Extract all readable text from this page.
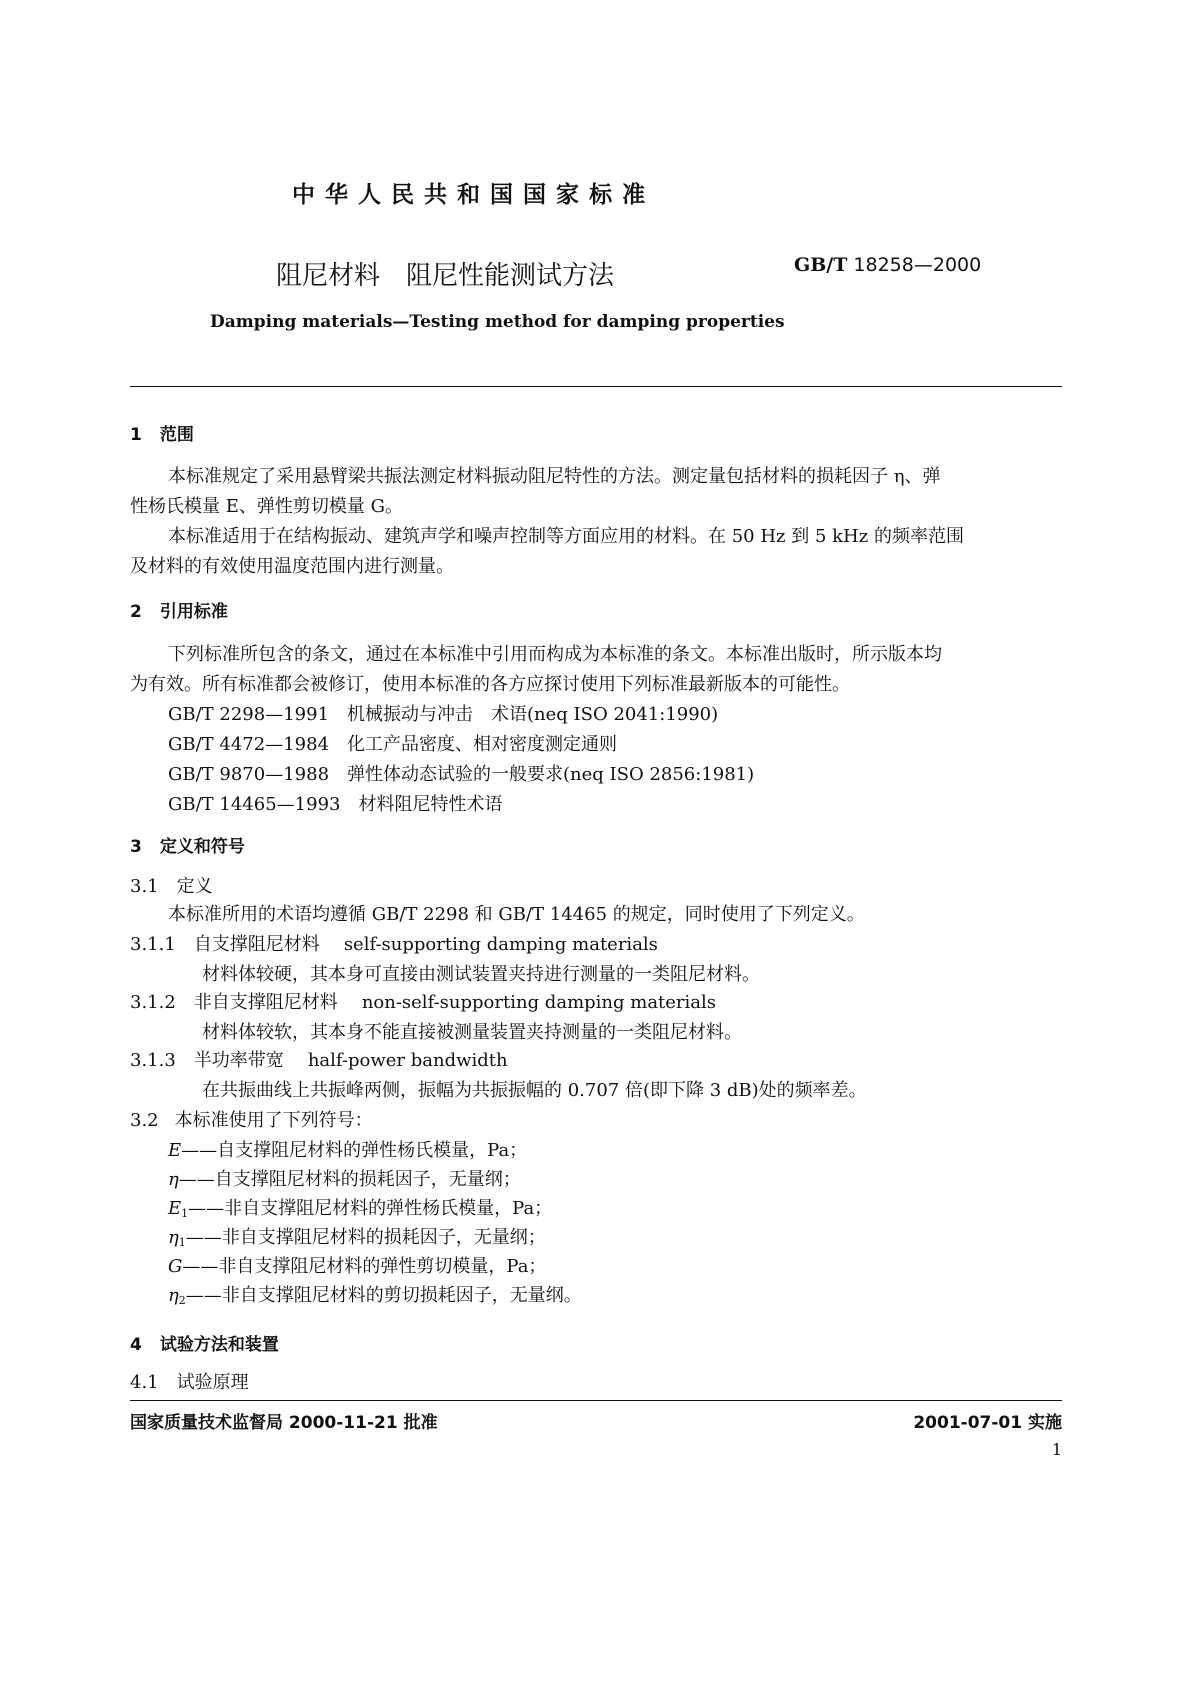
中 华 人 民 共 和 国 国 家 标 准
阻尼材料　阻尼性能测试方法	GB/T 18258—2000
Damping materials—Testing method for damping properties
1 范围
本标准规定了采用悬臂梁共振法测定材料振动阻尼特性的方法。测定量包括材料的损耗因子 η、弹
性杨氏模量 E、弹性剪切模量 G。
本标准适用于在结构振动、建筑声学和噪声控制等方面应用的材料。在 50 Hz 到 5 kHz 的频率范围
及材料的有效使用温度范围内进行测量。
2 引用标准
下列标准所包含的条文，通过在本标准中引用而构成为本标准的条文。本标准出版时，所示版本均
为有效。所有标准都会被修订，使用本标准的各方应探讨使用下列标准最新版本的可能性。
GB/T 2298—1991 机械振动与冲击　术语(neq ISO 2041:1990)
GB/T 4472—1984 化工产品密度、相对密度测定通则
GB/T 9870—1988 弹性体动态试验的一般要求(neq ISO 2856:1981)
GB/T 14465—1993 材料阻尼特性术语
3 定义和符号
3.1 定义
本标准所用的术语均遵循 GB/T 2298 和 GB/T 14465 的规定，同时使用了下列定义。
3.1.1 自支撑阻尼材料 self-supporting damping materials
材料体较硬，其本身可直接由测试装置夹持进行测量的一类阻尼材料。
3.1.2 非自支撑阻尼材料 non-self-supporting damping materials
材料体较软，其本身不能直接被测量装置夹持测量的一类阻尼材料。
3.1.3 半功率带宽 half-power bandwidth
在共振曲线上共振峰两侧，振幅为共振振幅的 0.707 倍(即下降 3 dB)处的频率差。
3.2 本标准使用了下列符号：
E——自支撑阻尼材料的弹性杨氏模量，Pa；
η——自支撑阻尼材料的损耗因子，无量纲；
$E_1——$非自支撑阻尼材料的弹性杨氏模量，Pa；
$\eta_1——$非自支撑阻尼材料的损耗因子，无量纲；
G——非自支撑阻尼材料的弹性剪切模量，Pa；
$\eta_2——$非自支撑阻尼材料的剪切损耗因子，无量纲。
4 试验方法和装置
4.1 试验原理
国家质量技术监督局 2000-11-21 批准	2001-07-01 实施
1
